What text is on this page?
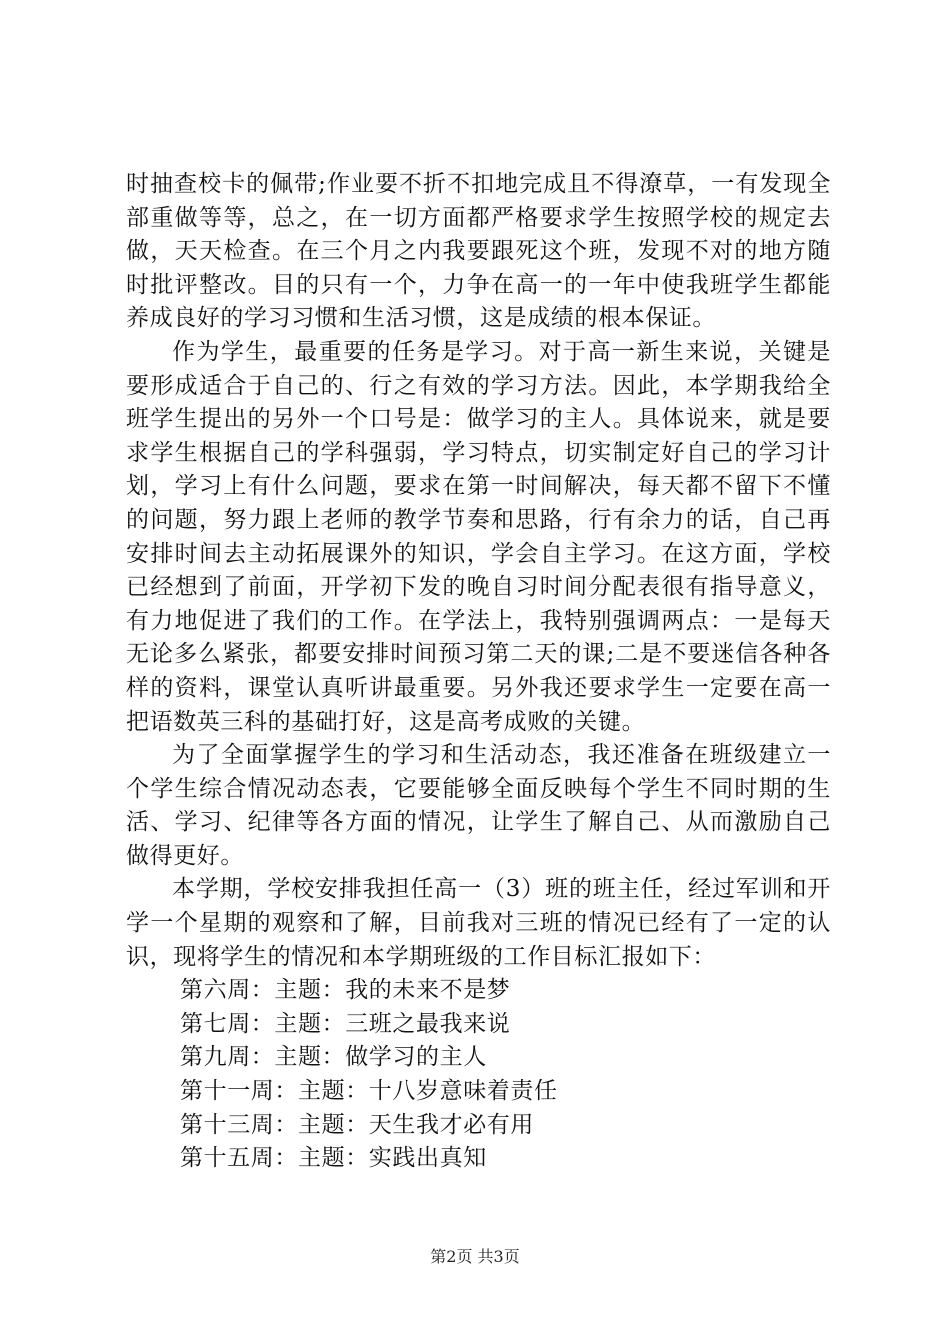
时抽查校卡的佩带;作业要不折不扣地完成且不得潦草，一有发现全部重做等等，总之，在一切方面都严格要求学生按照学校的规定去做，天天检查。在三个月之内我要跟死这个班，发现不对的地方随时批评整改。目的只有一个，力争在高一的一年中使我班学生都能养成良好的学习习惯和生活习惯，这是成绩的根本保证。

作为学生，最重要的任务是学习。对于高一新生来说，关键是要形成适合于自己的、行之有效的学习方法。因此，本学期我给全班学生提出的另外一个口号是：做学习的主人。具体说来，就是要求学生根据自己的学科强弱，学习特点，切实制定好自己的学习计划，学习上有什么问题，要求在第一时间解决，每天都不留下不懂的问题，努力跟上老师的教学节奏和思路，行有余力的话，自己再安排时间去主动拓展课外的知识，学会自主学习。在这方面，学校已经想到了前面，开学初下发的晚自习时间分配表很有指导意义，有力地促进了我们的工作。在学法上，我特别强调两点：一是每天无论多么紧张，都要安排时间预习第二天的课;二是不要迷信各种各样的资料，课堂认真听讲最重要。另外我还要求学生一定要在高一把语数英三科的基础打好，这是高考成败的关键。

为了全面掌握学生的学习和生活动态，我还准备在班级建立一个学生综合情况动态表，它要能够全面反映每个学生不同时期的生活、学习、纪律等各方面的情况，让学生了解自己、从而激励自己做得更好。

本学期，学校安排我担任高一（3）班的班主任，经过军训和开学一个星期的观察和了解，目前我对三班的情况已经有了一定的认识，现将学生的情况和本学期班级的工作目标汇报如下：

第六周：主题：我的未来不是梦

第七周：主题：三班之最我来说

第九周：主题：做学习的主人

第十一周：主题：十八岁意味着责任

第十三周：主题：天生我才必有用

第十五周：主题：实践出真知

第2页 共3页
